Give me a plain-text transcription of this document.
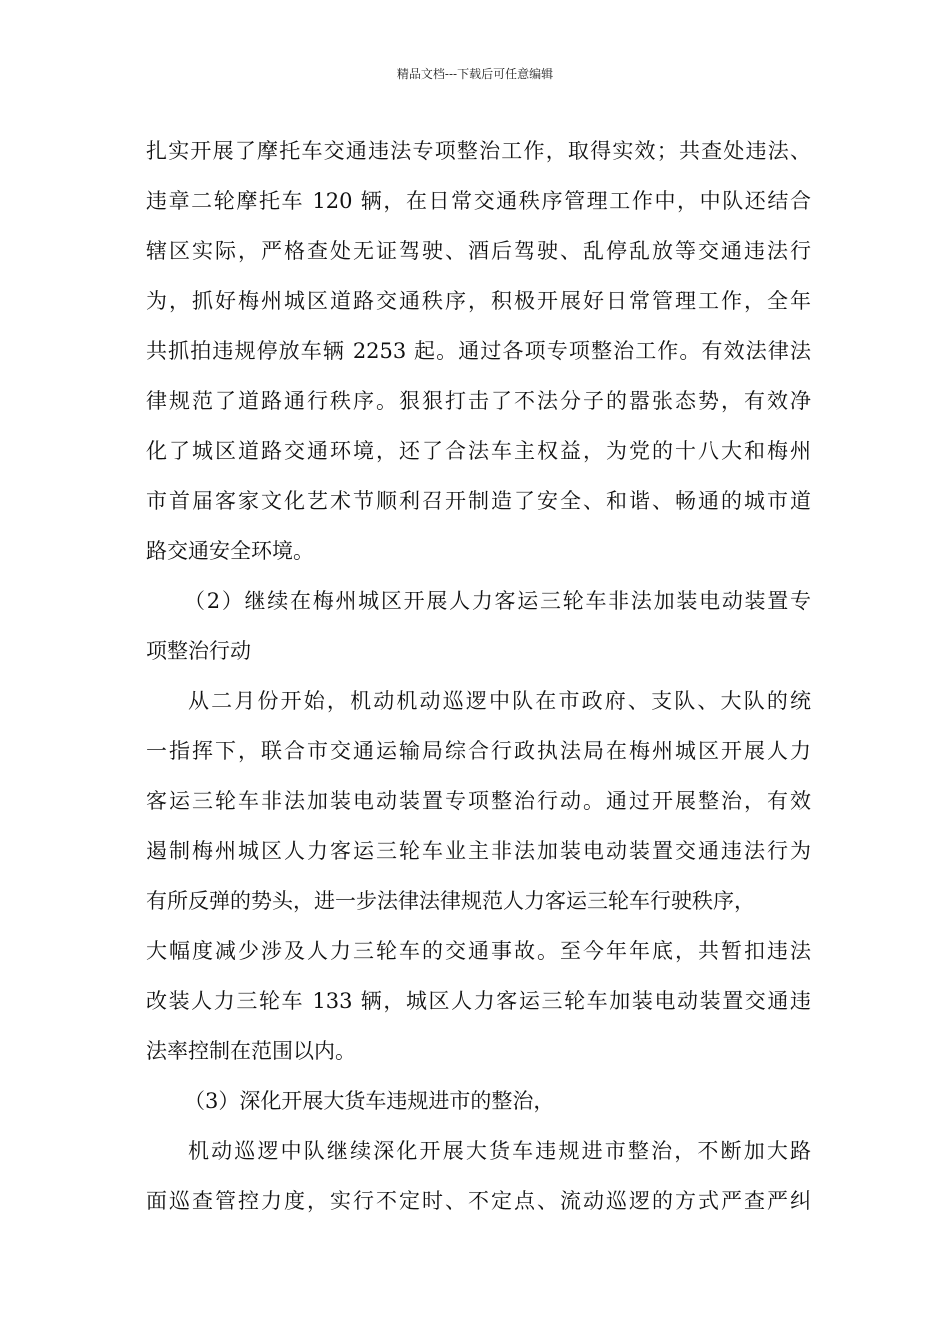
精品文档---下载后可任意编辑
扎实开展了摩托车交通违法专项整治工作，取得实效；共查处违法、
违章二轮摩托车 120 辆，在日常交通秩序管理工作中，中队还结合
辖区实际，严格查处无证驾驶、酒后驾驶、乱停乱放等交通违法行
为，抓好梅州城区道路交通秩序，积极开展好日常管理工作，全年
共抓拍违规停放车辆 2253 起。通过各项专项整治工作。有效法律法
律规范了道路通行秩序。狠狠打击了不法分子的嚣张态势，有效净
化了城区道路交通环境，还了合法车主权益，为党的十八大和梅州
市首届客家文化艺术节顺利召开制造了安全、和谐、畅通的城市道
路交通安全环境。
（2）继续在梅州城区开展人力客运三轮车非法加装电动装置专
项整治行动
从二月份开始，机动机动巡逻中队在市政府、支队、大队的统
一指挥下，联合市交通运输局综合行政执法局在梅州城区开展人力
客运三轮车非法加装电动装置专项整治行动。通过开展整治，有效
遏制梅州城区人力客运三轮车业主非法加装电动装置交通违法行为
有所反弹的势头，进一步法律法律规范人力客运三轮车行驶秩序，
大幅度减少涉及人力三轮车的交通事故。至今年年底，共暂扣违法
改装人力三轮车 133 辆，城区人力客运三轮车加装电动装置交通违
法率控制在范围以内。
（3）深化开展大货车违规进市的整治，
机动巡逻中队继续深化开展大货车违规进市整治，不断加大路
面巡查管控力度，实行不定时、不定点、流动巡逻的方式严查严纠
